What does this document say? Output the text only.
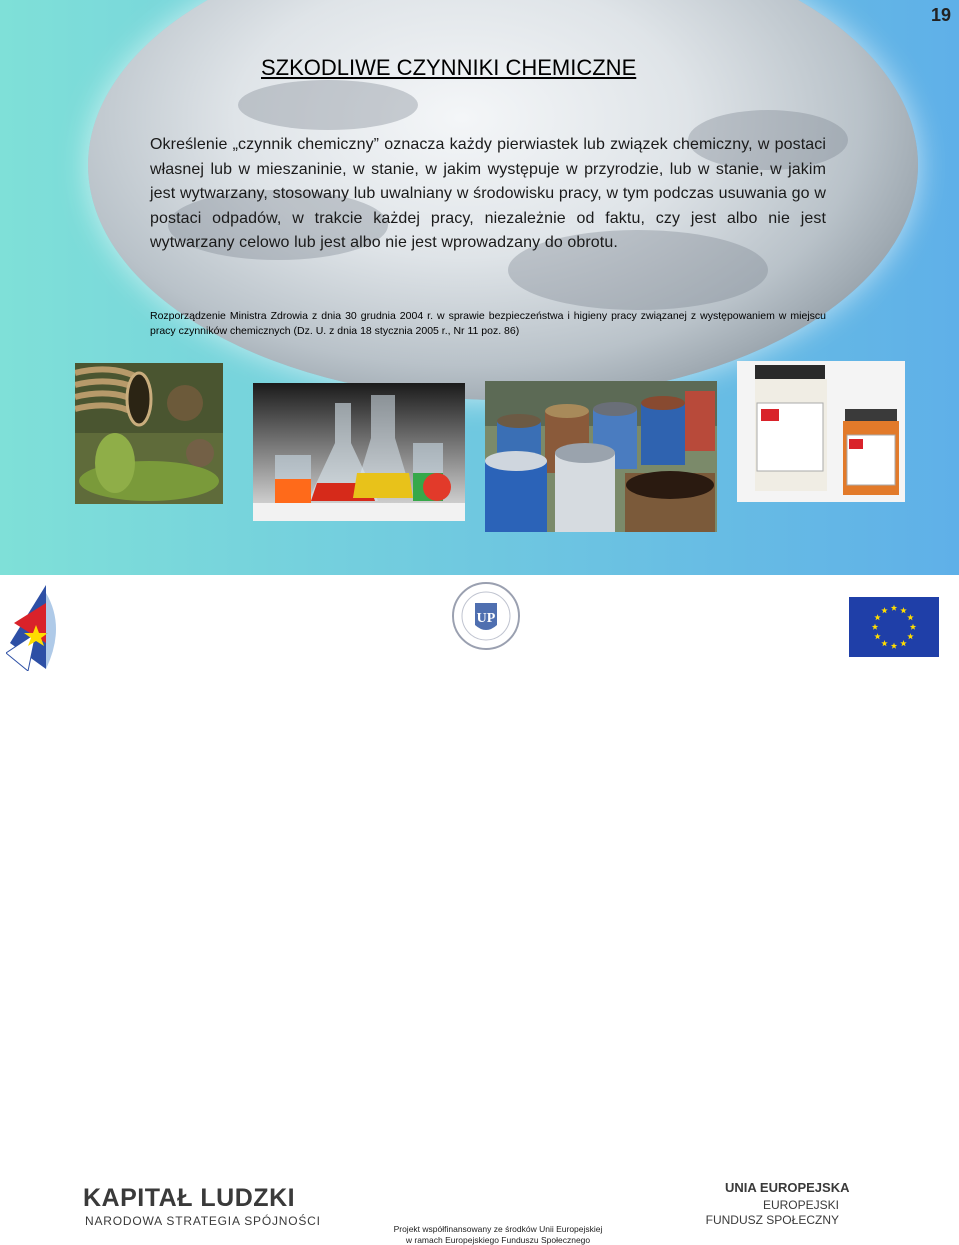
19
SZKODLIWE CZYNNIKI CHEMICZNE
Określenie „czynnik chemiczny” oznacza każdy pierwiastek lub związek chemiczny, w postaci własnej lub w mieszaninie, w stanie, w jakim występuje w przyrodzie, lub w stanie, w jakim jest wytwarzany, stosowany lub uwalniany w środowisku pracy, w tym podczas usuwania go w postaci odpadów, w trakcie każdej pracy, niezależnie od faktu, czy jest albo nie jest wytwarzany celowo lub jest albo nie jest wprowadzany do obrotu.
Rozporządzenie Ministra Zdrowia z dnia 30 grudnia 2004 r. w sprawie bezpieczeństwa i higieny pracy związanej z występowaniem w miejscu pracy czynników chemicznych (Dz. U. z dnia 18 stycznia 2005 r., Nr 11 poz. 86)
KAPITAŁ LUDZKI
NARODOWA STRATEGIA SPÓJNOŚCI
UP
Projekt współfinansowany ze środków Unii Europejskiej
w ramach Europejskiego Funduszu Społecznego
UNIA EUROPEJSKA
EUROPEJSKI
FUNDUSZ SPOŁECZNY
